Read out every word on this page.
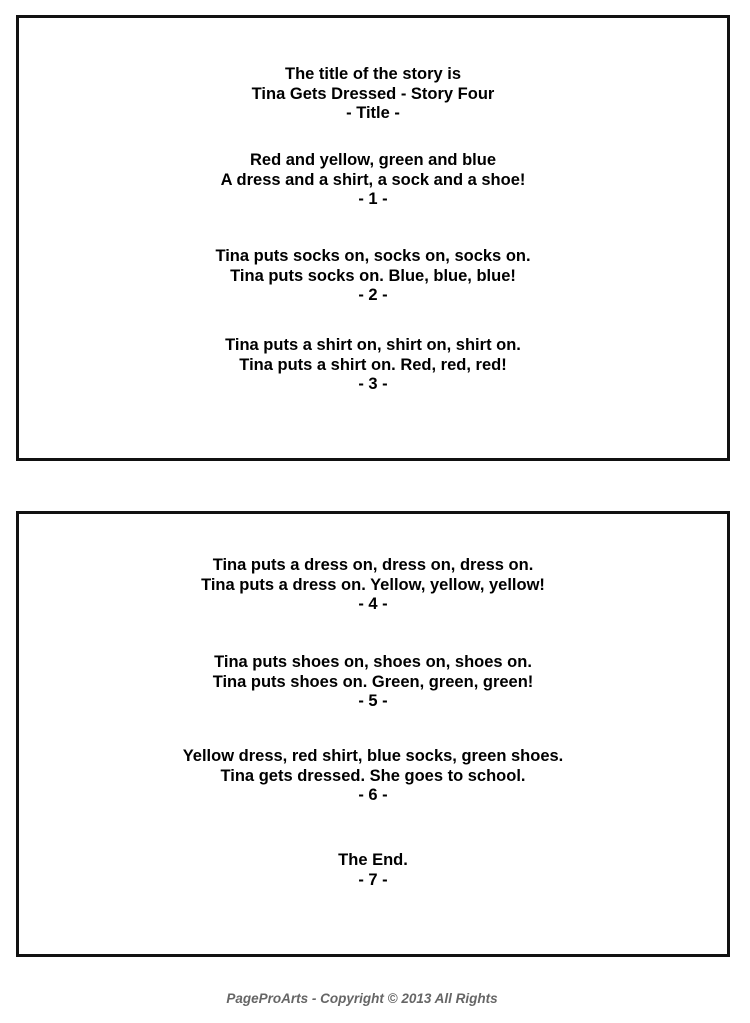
The title of the story is
Tina Gets Dressed - Story Four
- Title -
Red and yellow, green and blue
A dress and a shirt, a sock and a shoe!
- 1 -
Tina puts socks on, socks on, socks on.
Tina puts socks on. Blue, blue, blue!
- 2 -
Tina puts a shirt on, shirt on, shirt on.
Tina puts a shirt on. Red, red, red!
- 3 -
Tina puts a dress on, dress on, dress on.
Tina puts a dress on. Yellow, yellow, yellow!
- 4 -
Tina puts shoes on, shoes on, shoes on.
Tina puts shoes on. Green, green, green!
- 5 -
Yellow dress, red shirt, blue socks, green shoes.
Tina gets dressed. She goes to school.
- 6 -
The End.
- 7 -
PageProArts - Copyright © 2013 All Rights
